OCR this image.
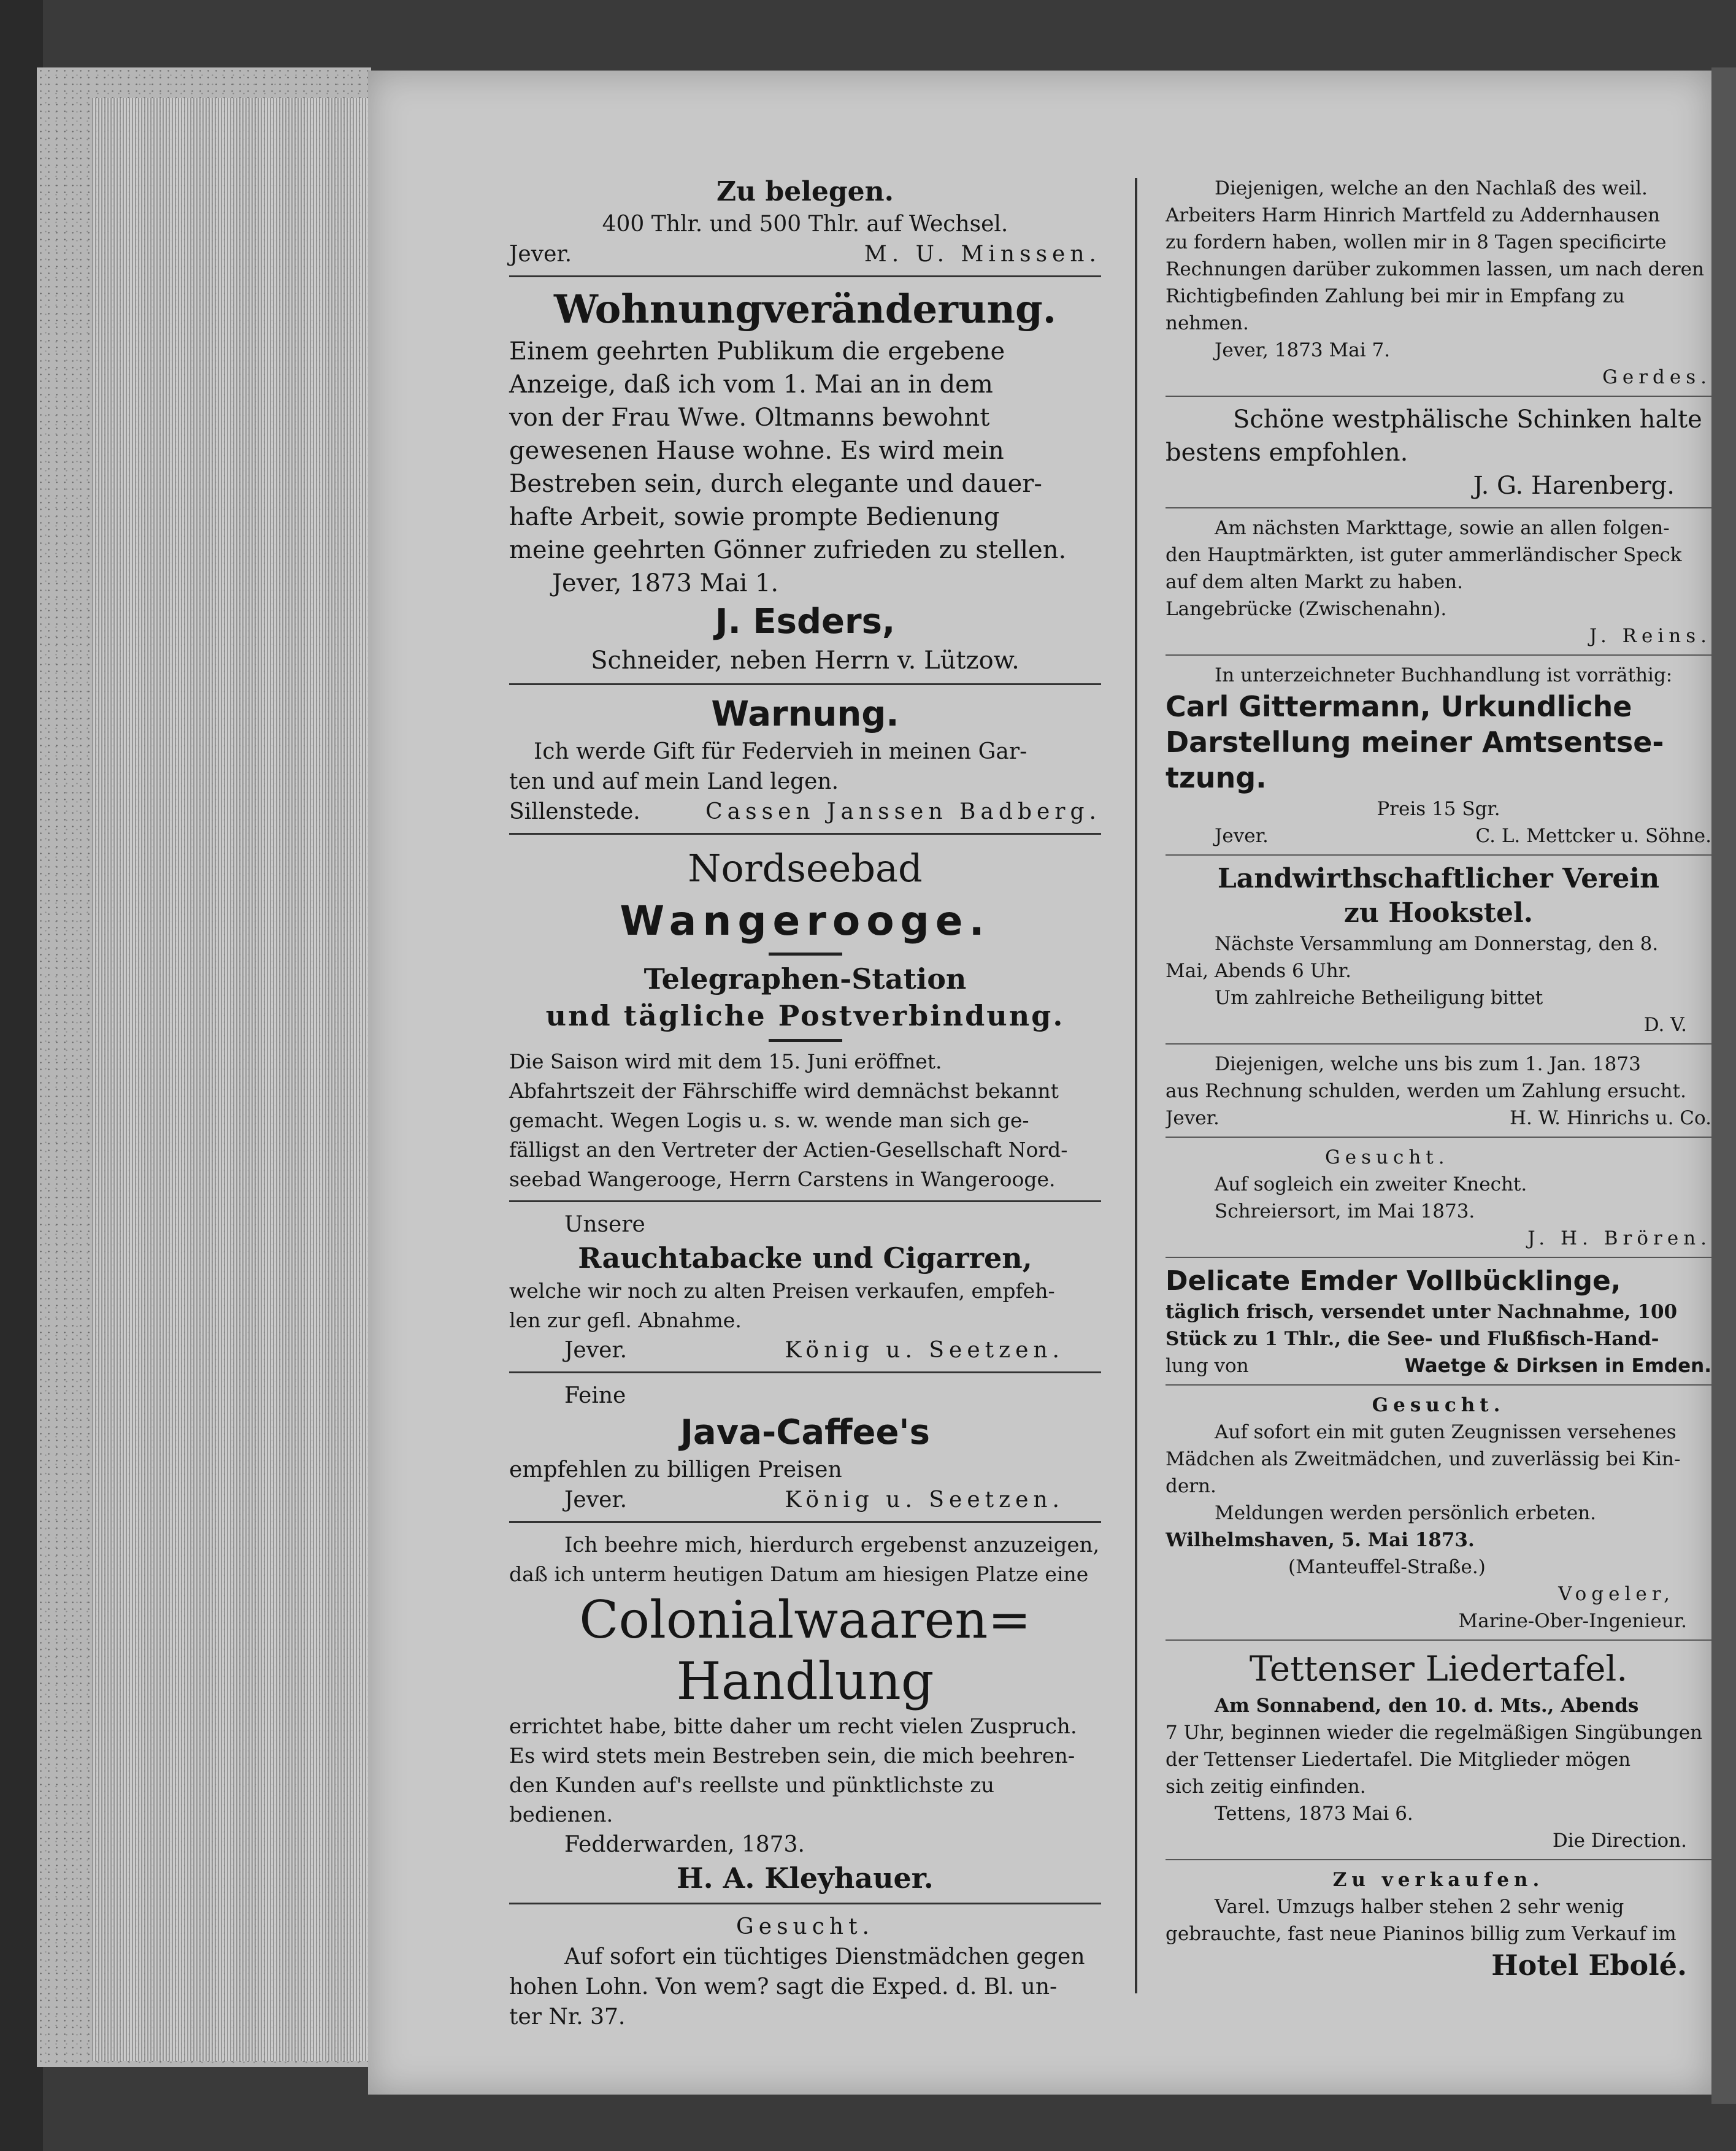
Zu belegen.

400 Thlr. und 500 Thlr. auf Wechsel.

Jever.	M. U. Minssen.

Wohnungveränderung.

Einem geehrten Publikum die ergebene

Anzeige, daß ich vom 1. Mai an in dem

von der Frau Wwe. Oltmanns bewohnt

gewesenen Hause wohne. Es wird mein

Bestreben sein, durch elegante und dauer-

hafte Arbeit, sowie prompte Bedienung

meine geehrten Gönner zufrieden zu stellen.

Jever, 1873 Mai 1.

J. Esders,

Schneider, neben Herrn v. Lützow.

Warnung.

Ich werde Gift für Federvieh in meinen Gar-

ten und auf mein Land legen.

Sillenstede.	Cassen Janssen Badberg.

Nordseebad

Wangerooge.

Telegraphen-Station

und tägliche Postverbindung.

Die Saison wird mit dem 15. Juni eröffnet.

Abfahrtszeit der Fährschiffe wird demnächst bekannt

gemacht. Wegen Logis u. s. w. wende man sich ge-

fälligst an den Vertreter der Actien-Gesellschaft Nord-

seebad Wangerooge, Herrn Carstens in Wangerooge.

Unsere

Rauchtabacke und Cigarren,

welche wir noch zu alten Preisen verkaufen, empfeh-

len zur gefl. Abnahme.

Jever.	König u. Seetzen.

Feine

Java-Caffee's

empfehlen zu billigen Preisen

Jever.	König u. Seetzen.

Ich beehre mich, hierdurch ergebenst anzuzeigen,

daß ich unterm heutigen Datum am hiesigen Platze eine

Colonialwaaren=

Handlung

errichtet habe, bitte daher um recht vielen Zuspruch.

Es wird stets mein Bestreben sein, die mich beehren-

den Kunden auf's reellste und pünktlichste zu

bedienen.

Fedderwarden, 1873.

H. A. Kleyhauer.

Gesucht.

Auf sofort ein tüchtiges Dienstmädchen gegen

hohen Lohn. Von wem? sagt die Exped. d. Bl. un-

ter Nr. 37.

Diejenigen, welche an den Nachlaß des weil.

Arbeiters Harm Hinrich Martfeld zu Addernhausen

zu fordern haben, wollen mir in 8 Tagen specificirte

Rechnungen darüber zukommen lassen, um nach deren

Richtigbefinden Zahlung bei mir in Empfang zu

nehmen.

Jever, 1873 Mai 7.

Gerdes.

Schöne westphälische Schinken halte

bestens empfohlen.

J. G. Harenberg.

Am nächsten Markttage, sowie an allen folgen-

den Hauptmärkten, ist guter ammerländischer Speck

auf dem alten Markt zu haben.

Langebrücke (Zwischenahn).

J. Reins.

In unterzeichneter Buchhandlung ist vorräthig:

Carl Gittermann, Urkundliche

Darstellung meiner Amtsentse-

tzung.

Preis 15 Sgr.

Jever.	C. L. Mettcker u. Söhne.

Landwirthschaftlicher Verein

zu Hookstel.

Nächste Versammlung am Donnerstag, den 8.

Mai, Abends 6 Uhr.

Um zahlreiche Betheiligung bittet

D. V.

Diejenigen, welche uns bis zum 1. Jan. 1873

aus Rechnung schulden, werden um Zahlung ersucht.

Jever.	H. W. Hinrichs u. Co.

Gesucht.

Auf sogleich ein zweiter Knecht.

Schreiersort, im Mai 1873.

J. H. Brören.

Delicate Emder Vollbücklinge,

täglich frisch, versendet unter Nachnahme, 100

Stück zu 1 Thlr., die See- und Flußfisch-Hand-

lung von	Waetge & Dirksen in Emden.

Gesucht.

Auf sofort ein mit guten Zeugnissen versehenes

Mädchen als Zweitmädchen, und zuverlässig bei Kin-

dern.

Meldungen werden persönlich erbeten.

Wilhelmshaven, 5. Mai 1873.

(Manteuffel-Straße.)

Vogeler,

Marine-Ober-Ingenieur.

Tettenser Liedertafel.

Am Sonnabend, den 10. d. Mts., Abends

7 Uhr, beginnen wieder die regelmäßigen Singübungen

der Tettenser Liedertafel. Die Mitglieder mögen

sich zeitig einfinden.

Tettens, 1873 Mai 6.

Die Direction.

Zu verkaufen.

Varel. Umzugs halber stehen 2 sehr wenig

gebrauchte, fast neue Pianinos billig zum Verkauf im

Hotel Ebolé.
